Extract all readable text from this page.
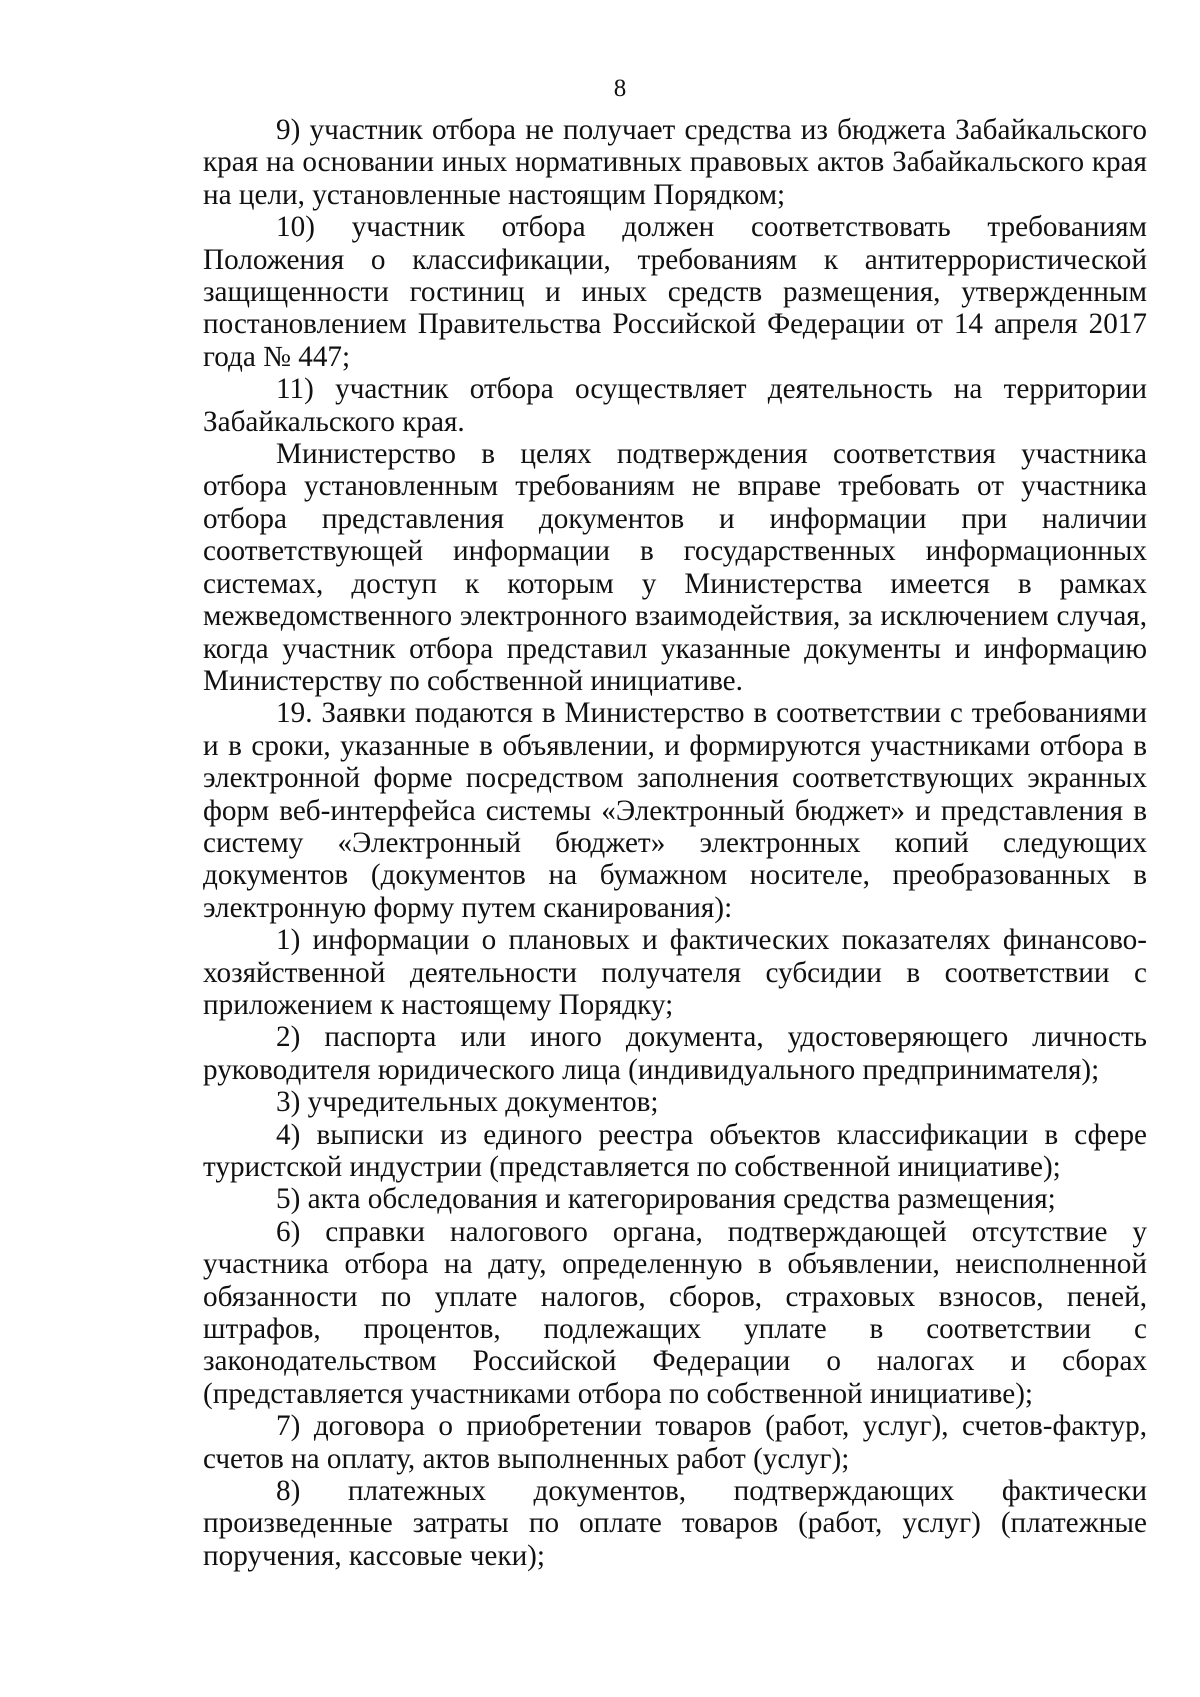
8

9) участник отбора не получает средства из бюджета Забайкальского края на основании иных нормативных правовых актов Забайкальского края на цели, установленные настоящим Порядком;

10) участник отбора должен соответствовать требованиям Положения о классификации, требованиям к антитеррористической защищенности гостиниц и иных средств размещения, утвержденным постановлением Правительства Российской Федерации от 14 апреля 2017 года № 447;

11) участник отбора осуществляет деятельность на территории Забайкальского края.

Министерство в целях подтверждения соответствия участника отбора установленным требованиям не вправе требовать от участника отбора представления документов и информации при наличии соответствующей информации в государственных информационных системах, доступ к которым у Министерства имеется в рамках межведомственного электронного взаимодействия, за исключением случая, когда участник отбора представил указанные документы и информацию Министерству по собственной инициативе.

19. Заявки подаются в Министерство в соответствии с требованиями и в сроки, указанные в объявлении, и формируются участниками отбора в электронной форме посредством заполнения соответствующих экранных форм веб-интерфейса системы «Электронный бюджет» и представления в систему «Электронный бюджет» электронных копий следующих документов (документов на бумажном носителе, преобразованных в электронную форму путем сканирования):

1) информации о плановых и фактических показателях финансово-хозяйственной деятельности получателя субсидии в соответствии с приложением к настоящему Порядку;

2) паспорта или иного документа, удостоверяющего личность руководителя юридического лица (индивидуального предпринимателя);

3) учредительных документов;

4) выписки из единого реестра объектов классификации в сфере туристской индустрии (представляется по собственной инициативе);

5) акта обследования и категорирования средства размещения;

6) справки налогового органа, подтверждающей отсутствие у участника отбора на дату, определенную в объявлении, неисполненной обязанности по уплате налогов, сборов, страховых взносов, пеней, штрафов, процентов, подлежащих уплате в соответствии с законодательством Российской Федерации о налогах и сборах (представляется участниками отбора по собственной инициативе);

7) договора о приобретении товаров (работ, услуг), счетов-фактур, счетов на оплату, актов выполненных работ (услуг);

8) платежных документов, подтверждающих фактически произведенные затраты по оплате товаров (работ, услуг) (платежные поручения, кассовые чеки);
